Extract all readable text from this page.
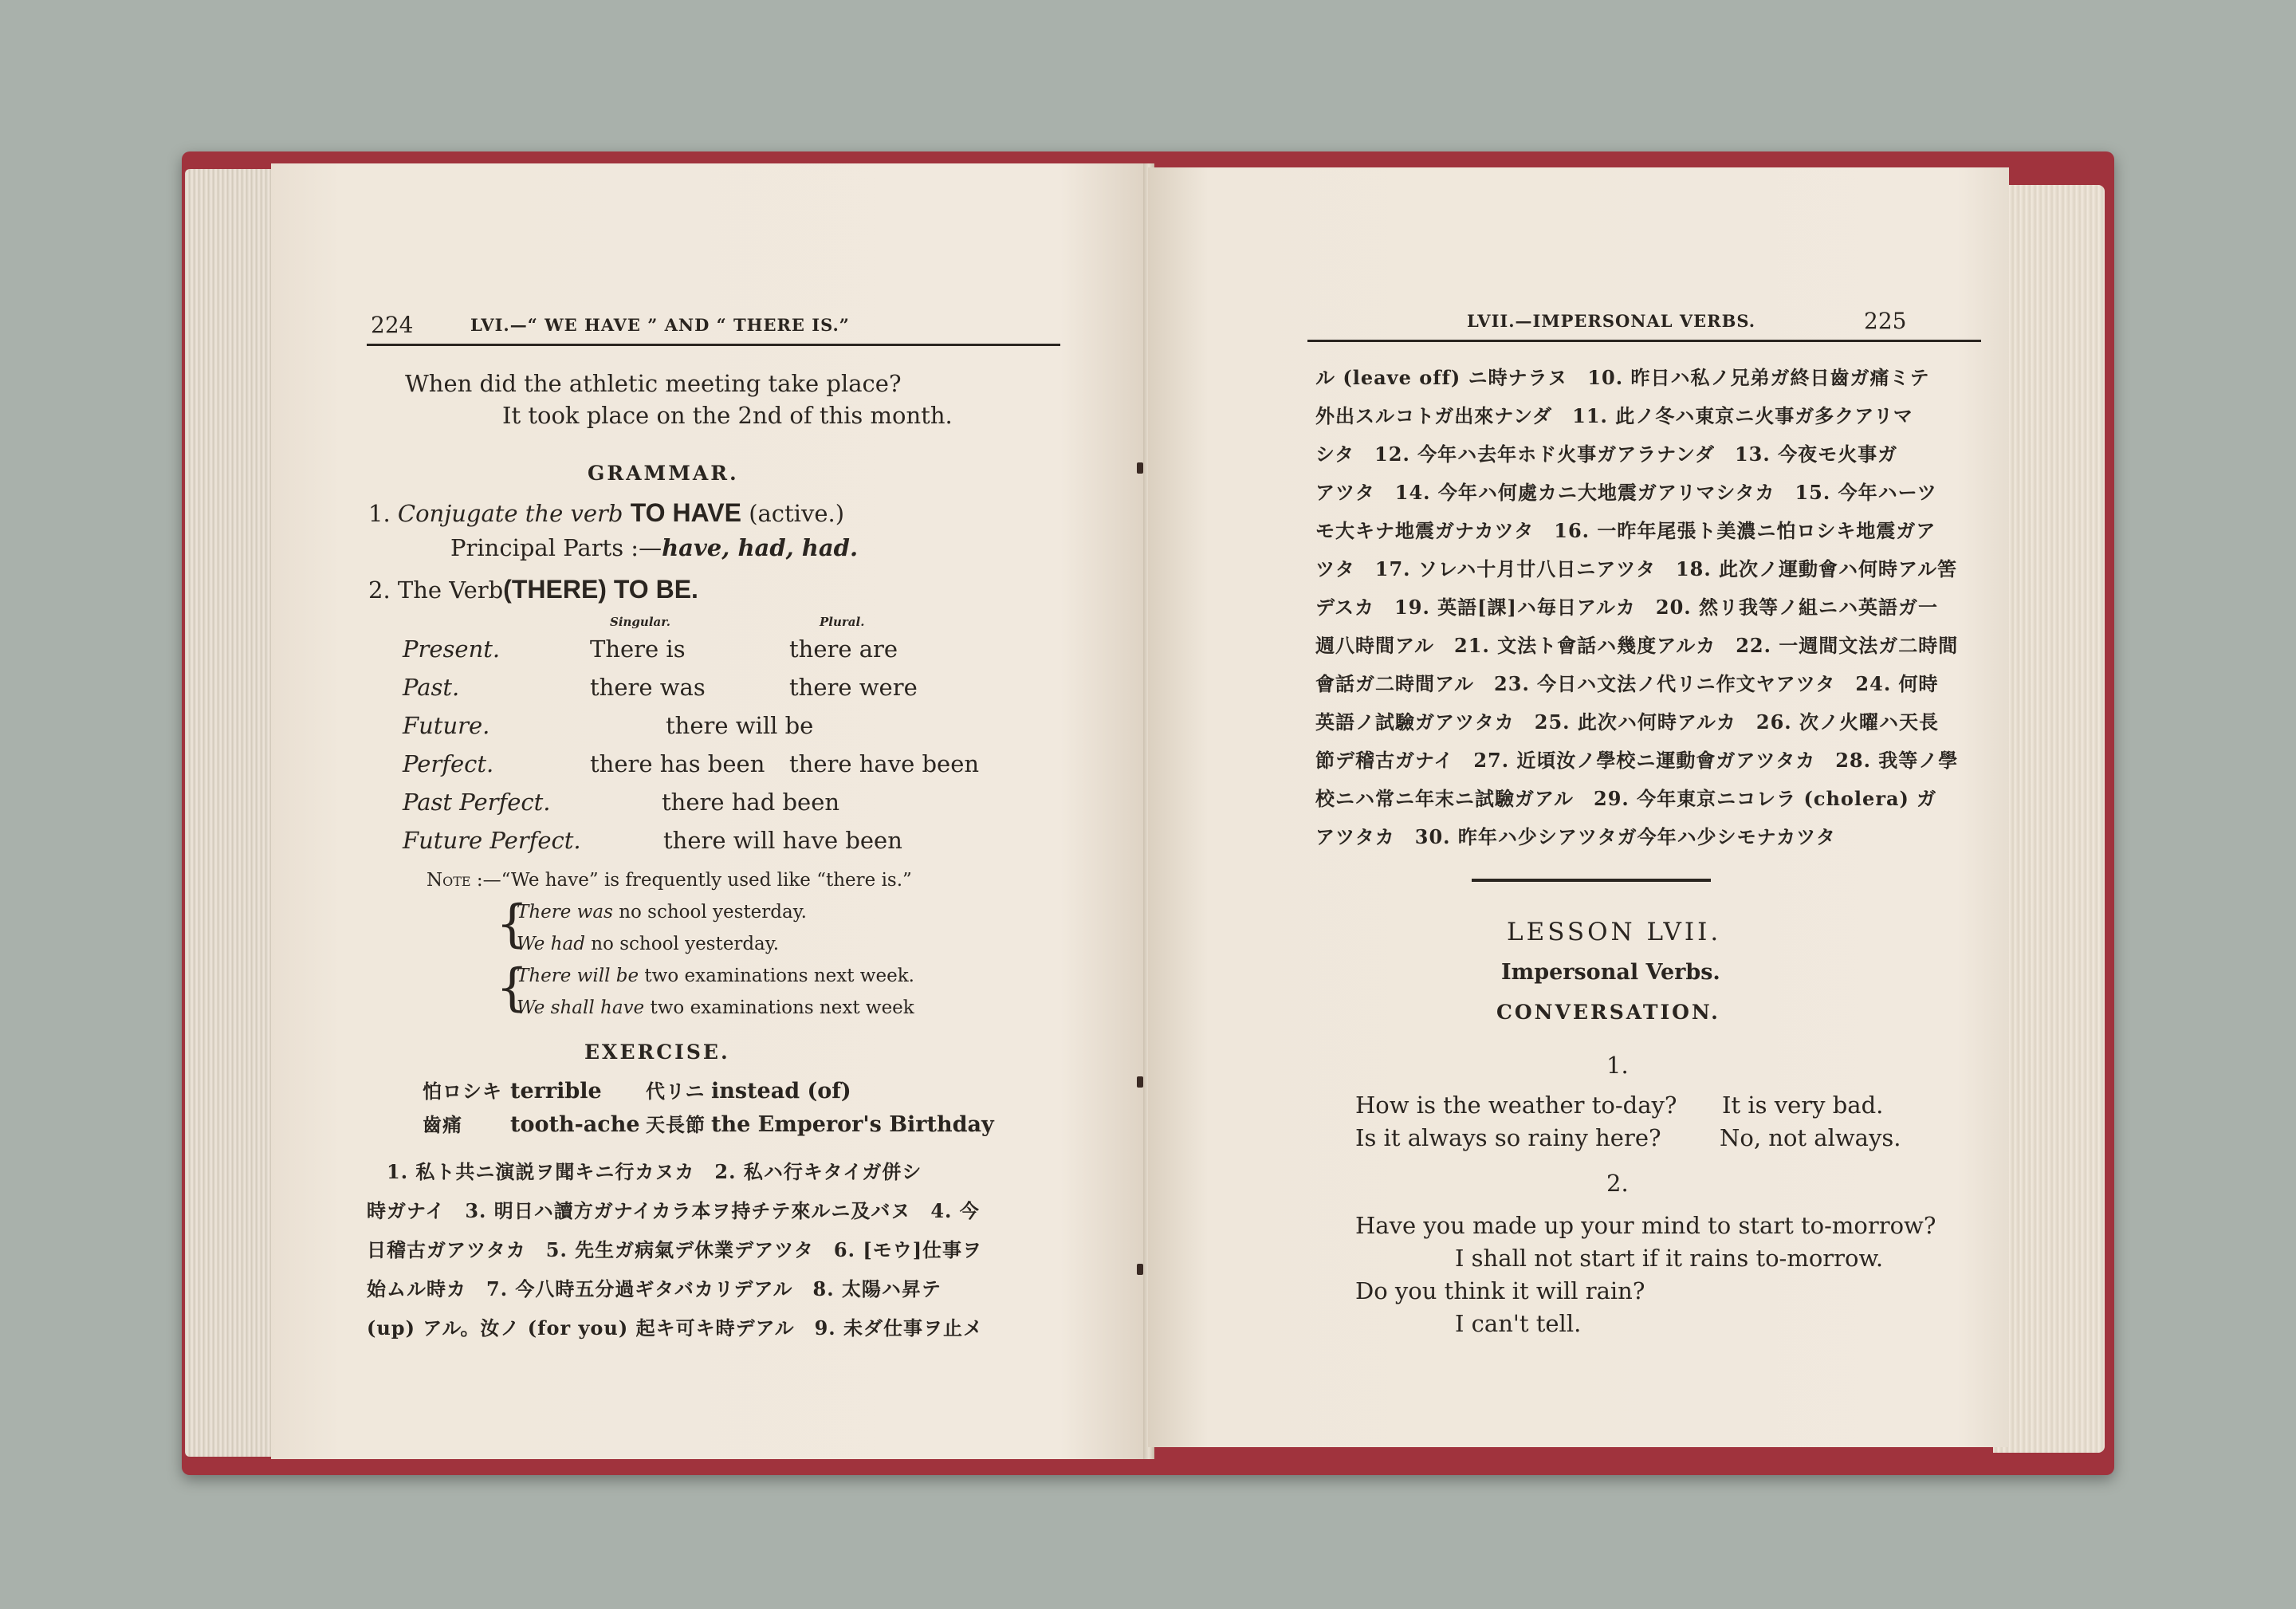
224	LVI.—“ WE HAVE ” AND “ THERE IS.”
When did the athletic meeting take place?
It took place on the 2nd of this month.
GRAMMAR.
1. Conjugate the verb TO HAVE (active.)
Principal Parts :—have, had, had.
2. The Verb(THERE) TO BE.
Singular.	Plural.
Present.	There is	there are
Past.	there was	there were
Future.	there will be
Perfect.	there has been there have been
Past Perfect.	there had been
Future Perfect.	there will have been
Note :—“We have” is frequently used like “there is.”
{
{
There was no school yesterday.
We had no school yesterday.
There will be two examinations next week.
We shall have two examinations next week
EXERCISE.
怕ロシキ terrible 代リニ instead (of)
齒痛 tooth-ache 天長節 the Emperor's Birthday
1. 私ト共ニ演説ヲ聞キニ行カヌカ　2. 私ハ行キタイガ併シ
時ガナイ　3. 明日ハ讀方ガナイカラ本ヲ持チテ來ルニ及バヌ　4. 今
日稽古ガアツタカ　5. 先生ガ病氣デ休業デアツタ　6. [モウ]仕事ヲ
始ムル時カ　7. 今八時五分過ギタバカリデアル　8. 太陽ハ昇テ
(up) アル。汝ノ (for you) 起キ可キ時デアル　9. 未ダ仕事ヲ止メ
LVII.—IMPERSONAL VERBS.	225
ル (leave off) ニ時ナラヌ　10. 昨日ハ私ノ兄弟ガ終日齒ガ痛ミテ
外出スルコトガ出來ナンダ　11. 此ノ冬ハ東京ニ火事ガ多クアリマ
シタ　12. 今年ハ去年ホド火事ガアラナンダ　13. 今夜モ火事ガ
アツタ　14. 今年ハ何處カニ大地震ガアリマシタカ　15. 今年ハーツ
モ大キナ地震ガナカツタ　16. 一昨年尾張ト美濃ニ怕ロシキ地震ガア
ツタ　17. ソレハ十月廿八日ニアツタ　18. 此次ノ運動會ハ何時アル筈
デスカ　19. 英語[課]ハ毎日アルカ　20. 然リ我等ノ組ニハ英語ガ一
週八時間アル　21. 文法ト會話ハ幾度アルカ　22. 一週間文法ガ二時間
會話ガ二時間アル　23. 今日ハ文法ノ代リニ作文ヤアツタ　24. 何時
英語ノ試驗ガアツタカ　25. 此次ハ何時アルカ　26. 次ノ火曜ハ天長
節デ稽古ガナイ　27. 近頃汝ノ學校ニ運動會ガアツタカ　28. 我等ノ學
校ニハ常ニ年末ニ試驗ガアル　29. 今年東京ニコレラ (cholera) ガ
アツタカ　30. 昨年ハ少シアツタガ今年ハ少シモナカツタ
LESSON LVII.
Impersonal Verbs.
CONVERSATION.
1.
How is the weather to-day? It is very bad.
Is it always so rainy here?	No, not always.
2.
Have you made up your mind to start to-morrow?
I shall not start if it rains to-morrow.
Do you think it will rain?
I can't tell.
